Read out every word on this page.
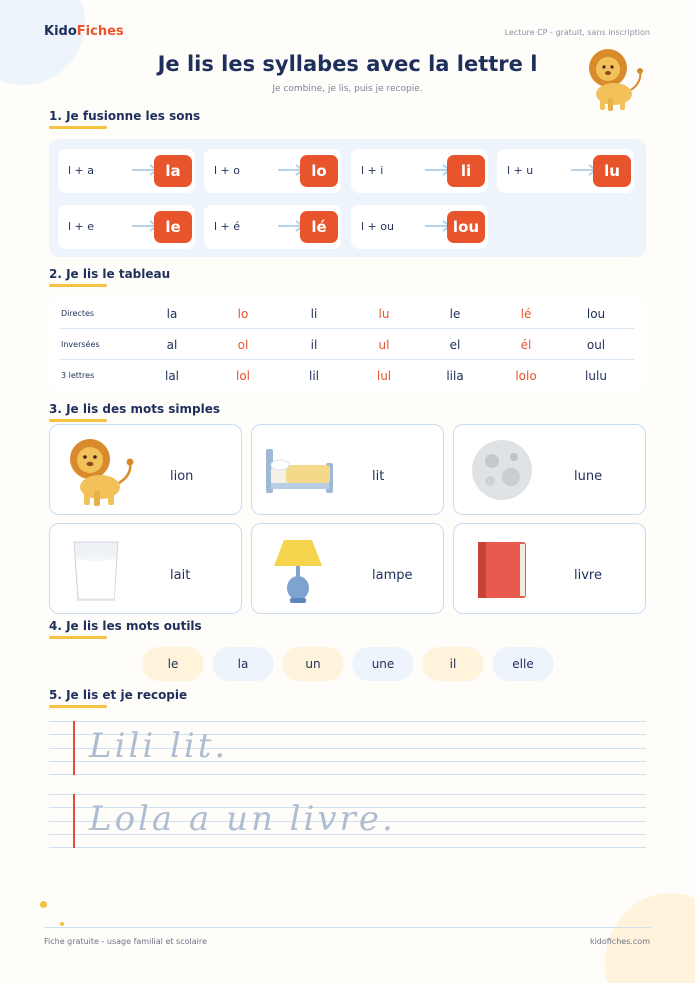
KidoFiches	Lecture CP - gratuit, sans inscription
Je lis les syllabes avec la lettre l
Je combine, je lis, puis je recopie.
1. Je fusionne les sons
l + a	la	l + o	lo	l + i	li	l + u	lu
l + e	le	l + é	lé	l + ou	lou
2. Je lis le tableau
Directes	la	lo	li	lu	le	lé	lou
Inversées	al	ol	il	ul	el	él	oul
3 lettres	lal	lol	lil	lul	lila	lolo	lulu
3. Je lis des mots simples
lion	lit	lune
lait	lampe	livre
4. Je lis les mots outils
le	la	un	une	il	elle
5. Je lis et je recopie
Lili lit.
Lola a un livre.
Fiche gratuite - usage familial et scolaire	kidofiches.com
